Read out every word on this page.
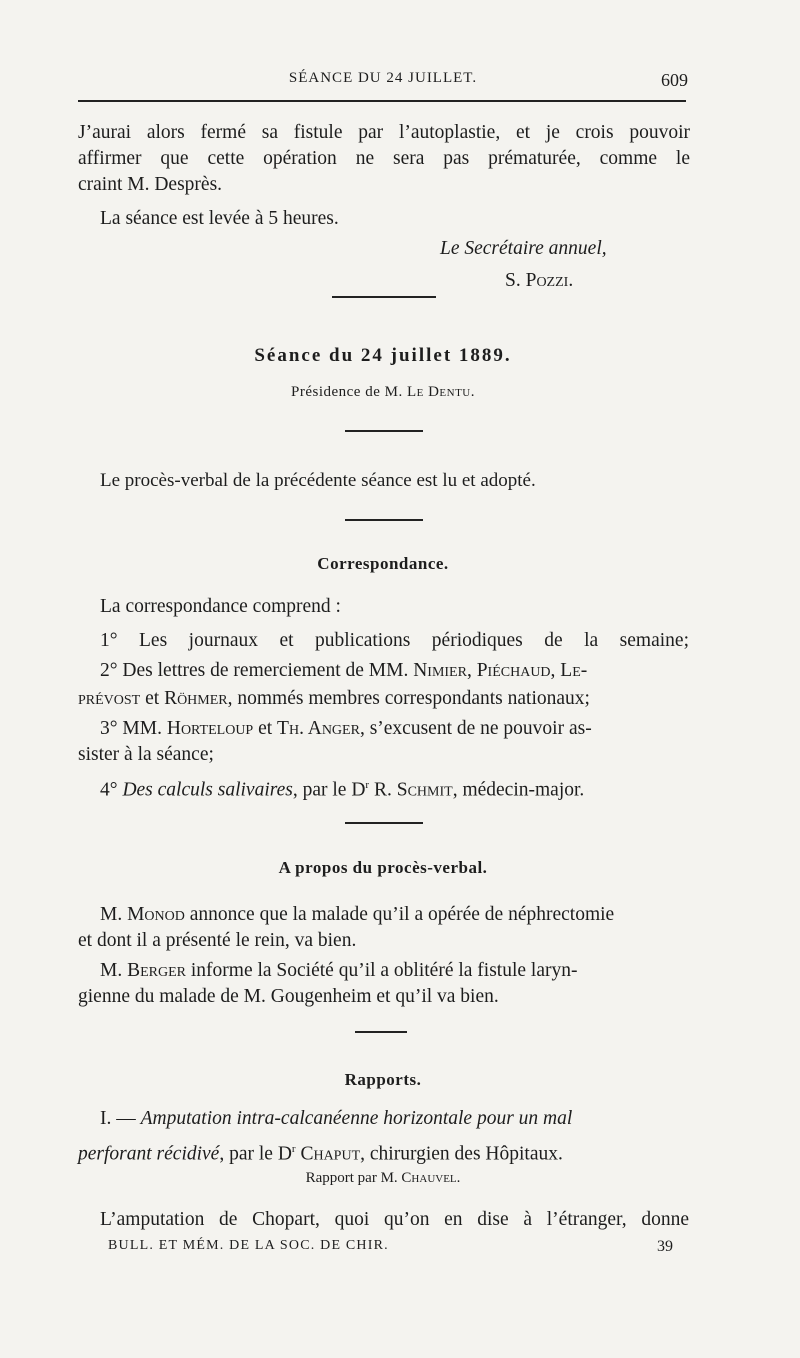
SÉANCE DU 24 JUILLET.	609
J’aurai alors fermé sa fistule par l’autoplastie, et je crois pouvoir
affirmer que cette opération ne sera pas prématurée, comme le
craint M. Desprès.
La séance est levée à 5 heures.
Le Secrétaire annuel,
S. Pozzi.
Séance du 24 juillet 1889.
Présidence de M. Le Dentu.
Le procès-verbal de la précédente séance est lu et adopté.
Correspondance.
La correspondance comprend :
1° Les journaux et publications périodiques de la semaine;
2° Des lettres de remerciement de MM. Nimier, Piéchaud, Le-
prévost et Röhmer, nommés membres correspondants nationaux;
3° MM. Horteloup et Th. Anger, s’excusent de ne pouvoir as-
sister à la séance;
4° Des calculs salivaires, par le $D^r$ R. Schmit, médecin-major.
A propos du procès-verbal.
M. Monod annonce que la malade qu’il a opérée de néphrectomie
et dont il a présenté le rein, va bien.
M. Berger informe la Société qu’il a oblitéré la fistule laryn-
gienne du malade de M. Gougenheim et qu’il va bien.
Rapports.
I. — Amputation intra-calcanéenne horizontale pour un mal
perforant récidivé, par le $D^r$ Chaput, chirurgien des Hôpitaux.
Rapport par M. Chauvel.
L’amputation de Chopart, quoi qu’on en dise à l’étranger, donne
BULL. ET MÉM. DE LA SOC. DE CHIR.	39
